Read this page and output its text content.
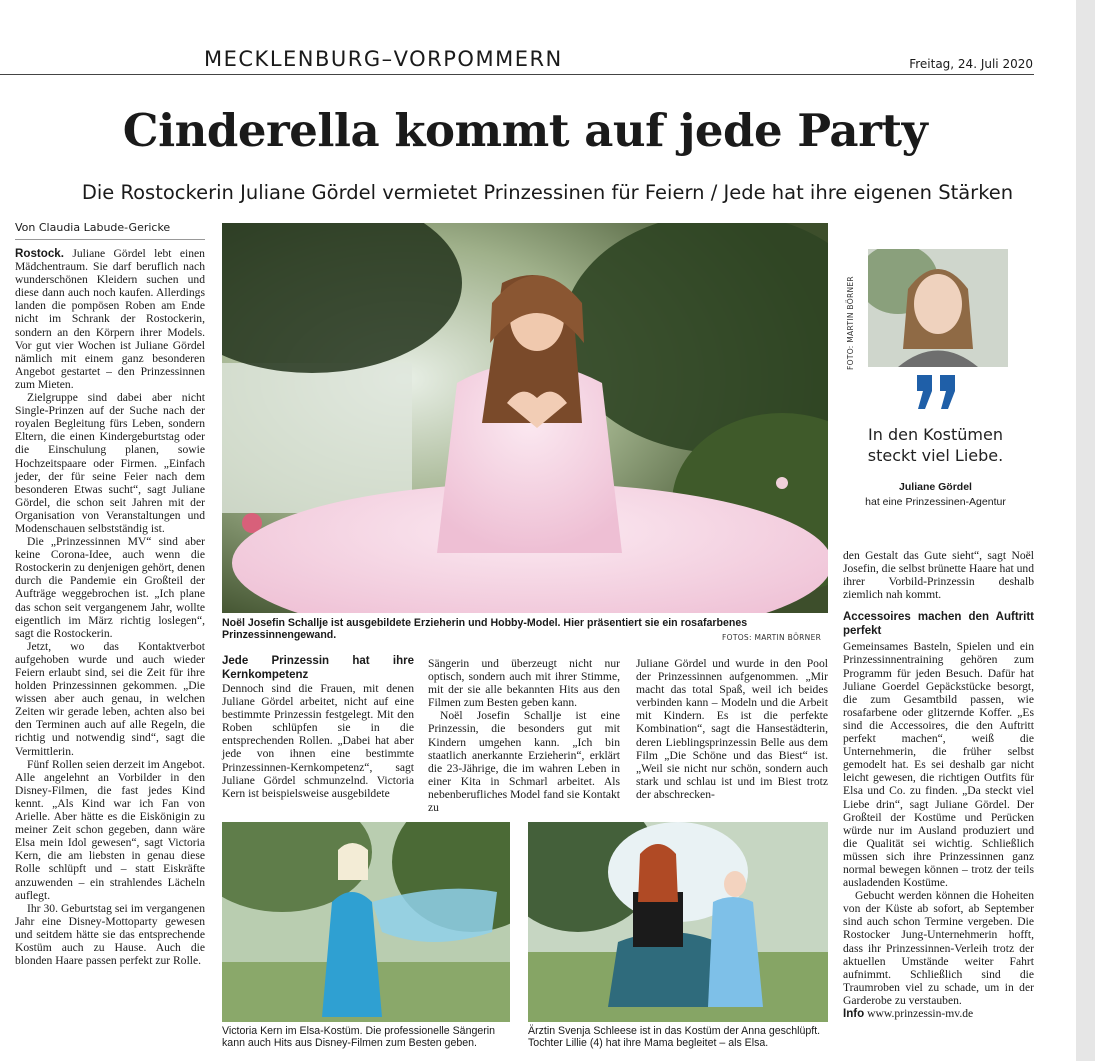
MECKLENBURG–VORPOMMERN	Freitag, 24. Juli 2020
Cinderella kommt auf jede Party
Die Rostockerin Juliane Gördel vermietet Prinzessinen für Feiern / Jede hat ihre eigenen Stärken
Von Claudia Labude-Gericke

Rostock. Juliane Gördel lebt einen Mädchentraum. Sie darf beruflich nach wunderschönen Kleidern suchen und diese dann auch noch kaufen. Allerdings landen die pompösen Roben am Ende nicht im Schrank der Rostockerin, sondern an den Körpern ihrer Models. Vor gut vier Wochen ist Juliane Gördel nämlich mit einem ganz besonderen Angebot gestartet – den Prinzessinnen zum Mieten.

Zielgruppe sind dabei aber nicht Single-Prinzen auf der Suche nach der royalen Begleitung fürs Leben, sondern Eltern, die einen Kindergeburtstag oder die Einschulung planen, sowie Hochzeitspaare oder Firmen. „Einfach jeder, der für seine Feier nach dem besonderen Etwas sucht“, sagt Juliane Gördel, die schon seit Jahren mit der Organisation von Veranstaltungen und Modenschauen selbstständig ist.

Die „Prinzessinnen MV“ sind aber keine Corona-Idee, auch wenn die Rostockerin zu denjenigen gehört, denen durch die Pandemie ein Großteil der Aufträge weggebrochen ist. „Ich plane das schon seit vergangenem Jahr, wollte eigentlich im März richtig loslegen“, sagt die Rostockerin.

Jetzt, wo das Kontaktverbot aufgehoben wurde und auch wieder Feiern erlaubt sind, sei die Zeit für ihre holden Prinzessinnen gekommen. „Die wissen aber auch genau, in welchen Zeiten wir gerade leben, achten also bei den Terminen auch auf alle Regeln, die richtig und notwendig sind“, sagt die Vermittlerin.

Fünf Rollen seien derzeit im Angebot. Alle angelehnt an Vorbilder in den Disney-Filmen, die fast jedes Kind kennt. „Als Kind war ich Fan von Arielle. Aber hätte es die Eiskönigin zu meiner Zeit schon gegeben, dann wäre Elsa mein Idol gewesen“, sagt Victoria Kern, die am liebsten in genau diese Rolle schlüpft und – statt Eiskräfte anzuwenden – ein strahlendes Lächeln auflegt.

Ihr 30. Geburtstag sei im vergangenen Jahr eine Disney-Mottoparty gewesen und seitdem hätte sie das entsprechende Kostüm auch zu Hause. Auch die blonden Haare passen perfekt zur Rolle.

Noël Josefin Schallje ist ausgebildete Erzieherin und Hobby-Model. Hier präsentiert sie ein rosafarbenes Prinzessinnengewand.	FOTOS: MARTIN BÖRNER
Jede Prinzessin hat ihre Kernkompetenz

Dennoch sind die Frauen, mit denen Juliane Gördel arbeitet, nicht auf eine bestimmte Prinzessin festgelegt. Mit den Roben schlüpfen sie in die entsprechenden Rollen. „Dabei hat aber jede von ihnen eine bestimmte Prinzessinnen-Kernkompetenz“, sagt Juliane Gördel schmunzelnd. Victoria Kern ist beispielsweise ausgebildete

Sängerin und überzeugt nicht nur optisch, sondern auch mit ihrer Stimme, mit der sie alle bekannten Hits aus den Filmen zum Besten geben kann.

Noël Josefin Schallje ist eine Prinzessin, die besonders gut mit Kindern umgehen kann. „Ich bin staatlich anerkannte Erzieherin“, erklärt die 23-Jährige, die im wahren Leben in einer Kita in Schmarl arbeitet. Als nebenberufliches Model fand sie Kontakt zu

Juliane Gördel und wurde in den Pool der Prinzessinnen aufgenommen. „Mir macht das total Spaß, weil ich beides verbinden kann – Modeln und die Arbeit mit Kindern. Es ist die perfekte Kombination“, sagt die Hansestädterin, deren Lieblingsprinzessin Belle aus dem Film „Die Schöne und das Biest“ ist. „Weil sie nicht nur schön, sondern auch stark und schlau ist und im Biest trotz der abschrecken-

Victoria Kern im Elsa-Kostüm. Die professionelle Sängerin kann auch Hits aus Disney-Filmen zum Besten geben.
Ärztin Svenja Schleese ist in das Kostüm der Anna geschlüpft. Tochter Lillie (4) hat ihre Mama begleitet – als Elsa.
FOTO: MARTIN BÖRNER
In den Kostümen steckt viel Liebe.
Juliane Gördel
hat eine Prinzessinen-Agentur

den Gestalt das Gute sieht“, sagt Noël Josefin, die selbst brünette Haare hat und ihrer Vorbild-Prinzessin deshalb ziemlich nah kommt.

Accessoires machen den Auftritt perfekt

Gemeinsames Basteln, Spielen und ein Prinzessinnentraining gehören zum Programm für jeden Besuch. Dafür hat Juliane Goerdel Gepäckstücke besorgt, die zum Gesamtbild passen, wie rosafarbene oder glitzernde Koffer. „Es sind die Accessoires, die den Auftritt perfekt machen“, weiß die Unternehmerin, die früher selbst gemodelt hat. Es sei deshalb gar nicht leicht gewesen, die richtigen Outfits für Elsa und Co. zu finden. „Da steckt viel Liebe drin“, sagt Juliane Gördel. Der Großteil der Kostüme und Perücken würde nur im Ausland produziert und die Qualität sei wichtig. Schließlich müssen sich ihre Prinzessinnen ganz normal bewegen können – trotz der teils ausladenden Kostüme.

Gebucht werden können die Hoheiten von der Küste ab sofort, ab September sind auch schon Termine vergeben. Die Rostocker Jung-Unternehmerin hofft, dass ihr Prinzessinnen-Verleih trotz der aktuellen Umstände weiter Fahrt aufnimmt. Schließlich sind die Traumroben viel zu schade, um in der Garderobe zu verstauben.

Info www.prinzessin-mv.de
